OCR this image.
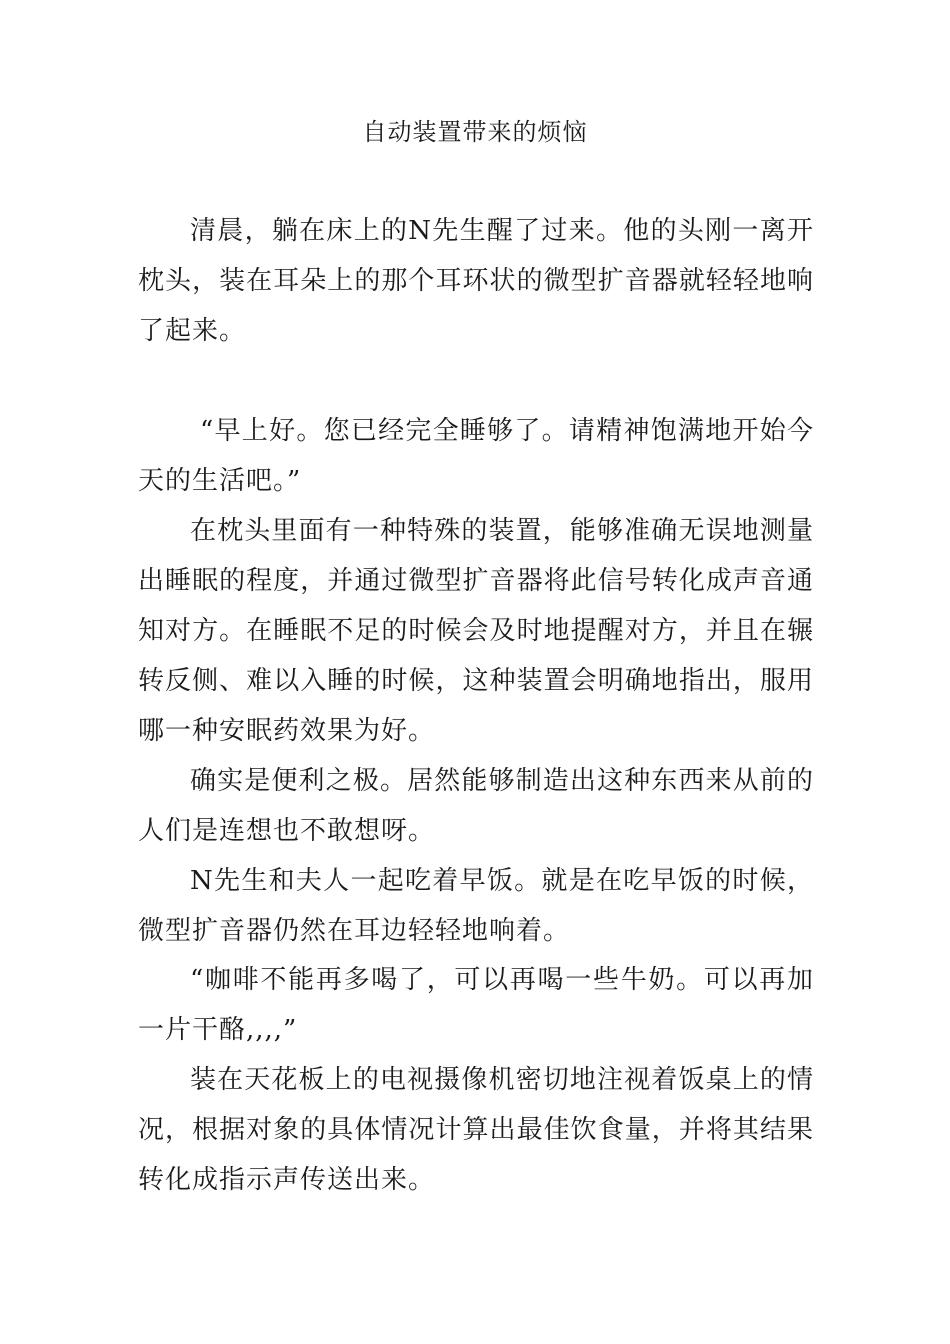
自动装置带来的烦恼

清晨，躺在床上的N先生醒了过来。他的头刚一离开枕头，装在耳朵上的那个耳环状的微型扩音器就轻轻地响了起来。

“早上好。您已经完全睡够了。请精神饱满地开始今天的生活吧。”

在枕头里面有一种特殊的装置，能够准确无误地测量出睡眠的程度，并通过微型扩音器将此信号转化成声音通知对方。在睡眠不足的时候会及时地提醒对方，并且在辗转反侧、难以入睡的时候，这种装置会明确地指出，服用哪一种安眠药效果为好。

确实是便利之极。居然能够制造出这种东西来从前的人们是连想也不敢想呀。

N先生和夫人一起吃着早饭。就是在吃早饭的时候，微型扩音器仍然在耳边轻轻地响着。

“咖啡不能再多喝了，可以再喝一些牛奶。可以再加一片干酪,,,,”

装在天花板上的电视摄像机密切地注视着饭桌上的情况，根据对象的具体情况计算出最佳饮食量，并将其结果转化成指示声传送出来。
